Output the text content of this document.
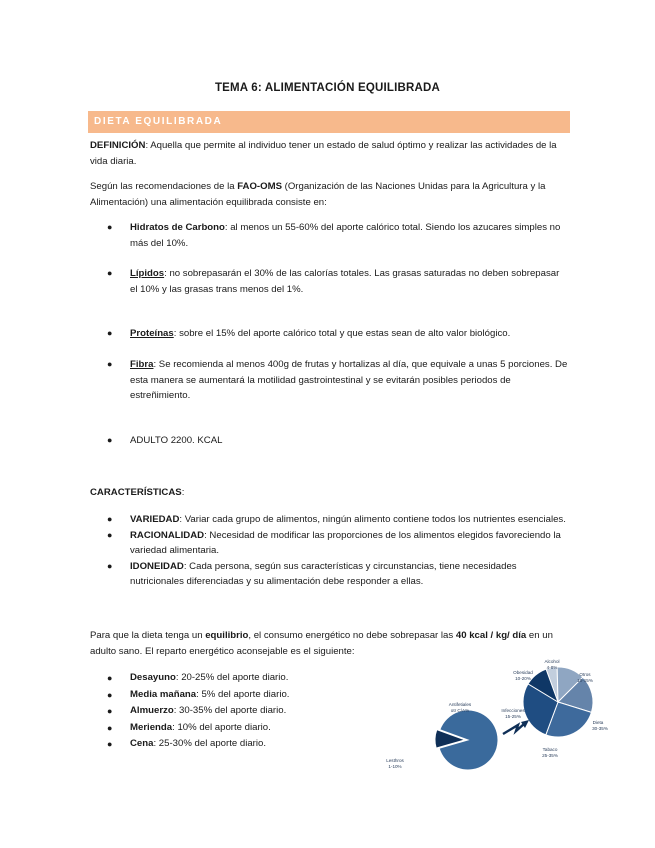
TEMA 6: ALIMENTACIÓN EQUILIBRADA
DIETA EQUILIBRADA
DEFINICIÓN: Aquella que permite al individuo tener un estado de salud óptimo y realizar las actividades de la vida diaria.
Según las recomendaciones de la FAO-OMS (Organización de las Naciones Unidas para la Agricultura y la Alimentación) una alimentación equilibrada consiste en:
● Hidratos de Carbono: al menos un 55-60% del aporte calórico total. Siendo los azucares simples no más del 10%.
● Lípidos: no sobrepasarán el 30% de las calorías totales. Las grasas saturadas no deben sobrepasar el 10% y las grasas trans menos del 1%.
● Proteínas: sobre el 15% del aporte calórico total y que estas sean de alto valor biológico.
● Fibra: Se recomienda al menos 400g de frutas y hortalizas al día, que equivale a unas 5 porciones. De esta manera se aumentará la motilidad gastrointestinal y se evitarán posibles periodos de estreñimiento.
● ADULTO 2200. KCAL
CARACTERÍSTICAS:
● VARIEDAD: Variar cada grupo de alimentos, ningún alimento contiene todos los nutrientes esenciales.
● RACIONALIDAD: Necesidad de modificar las proporciones de los alimentos elegidos favoreciendo la variedad alimentaria.
● IDONEIDAD: Cada persona, según sus características y circunstancias, tiene necesidades nutricionales diferenciadas y su alimentación debe responder a ellas.
Para que la dieta tenga un equilibrio, el consumo energético no debe sobrepasar las 40 kcal / kg/ día en un adulto sano. El reparto energético aconsejable es el siguiente:
● Desayuno: 20-25% del aporte diario.
● Media mañana: 5% del aporte diario.
● Almuerzo: 30-35% del aporte diario.
● Merienda: 10% del aporte diario.
● Cena: 25-30% del aporte diario.
Antifetiales
otr C/A%
Lesthros
1-10%
Alcohol
4-8%
Obesidad
10-20%
Infecciones
15-25%
Tabaco
25-35%
Dieta
30-35%
Otros
10-15%
